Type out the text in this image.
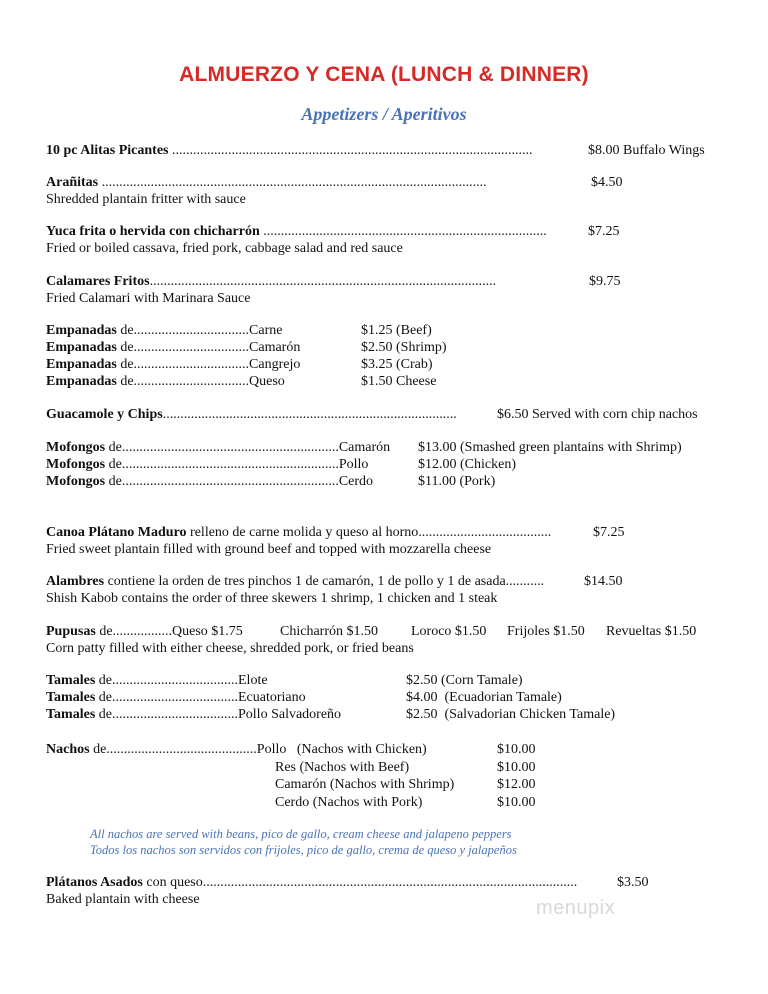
ALMUERZO Y CENA (LUNCH & DINNER)
Appetizers / Aperitivos
10 pc Alitas Picantes .......................................................................................................	$8.00 Buffalo Wings
Arañitas ..............................................................................................................	$4.50
Shredded plantain fritter with sauce
Yuca frita o hervida con chicharrón .................................................................................	$7.25
Fried or boiled cassava, fried pork, cabbage salad and red sauce
Calamares Fritos...................................................................................................	$9.75
Fried Calamari with Marinara Sauce
Empanadas de.................................Carne	$1.25 (Beef)
Empanadas de.................................Camarón	$2.50 (Shrimp)
Empanadas de.................................Cangrejo	$3.25 (Crab)
Empanadas de.................................Queso	$1.50 Cheese
Guacamole y Chips....................................................................................	$6.50 Served with corn chip nachos
Mofongos de..............................................................Camarón $13.00 (Smashed green plantains with Shrimp)
Mofongos de..............................................................Pollo	$12.00 (Chicken)
Mofongos de..............................................................Cerdo	$11.00 (Pork)
Canoa Plátano Maduro relleno de carne molida y queso al horno......................................	$7.25
Fried sweet plantain filled with ground beef and topped with mozzarella cheese
Alambres contiene la orden de tres pinchos 1 de camarón, 1 de pollo y 1 de asada...........	$14.50
Shish Kabob contains the order of three skewers 1 shrimp, 1 chicken and 1 steak
Pupusas de.................Queso $1.75	Chicharrón $1.50 Loroco $1.50 Frijoles $1.50 Revueltas $1.50
Corn patty filled with either cheese, shredded pork, or fried beans
Tamales de....................................Elote	$2.50 (Corn Tamale)
Tamales de....................................Ecuatoriano	$4.00  (Ecuadorian Tamale)
Tamales de....................................Pollo Salvadoreño	$2.50  (Salvadorian Chicken Tamale)
Nachos de...........................................Pollo   (Nachos with Chicken)	$10.00
Res (Nachos with Beef)	$10.00
Camarón (Nachos with Shrimp)	$12.00
Cerdo (Nachos with Pork)	$10.00
All nachos are served with beans, pico de gallo, cream cheese and jalapeno peppers
Todos los nachos son servidos con frijoles, pico de gallo, crema de queso y jalapeños
Plátanos Asados con queso...........................................................................................................	$3.50
Baked plantain with cheese	menupix
